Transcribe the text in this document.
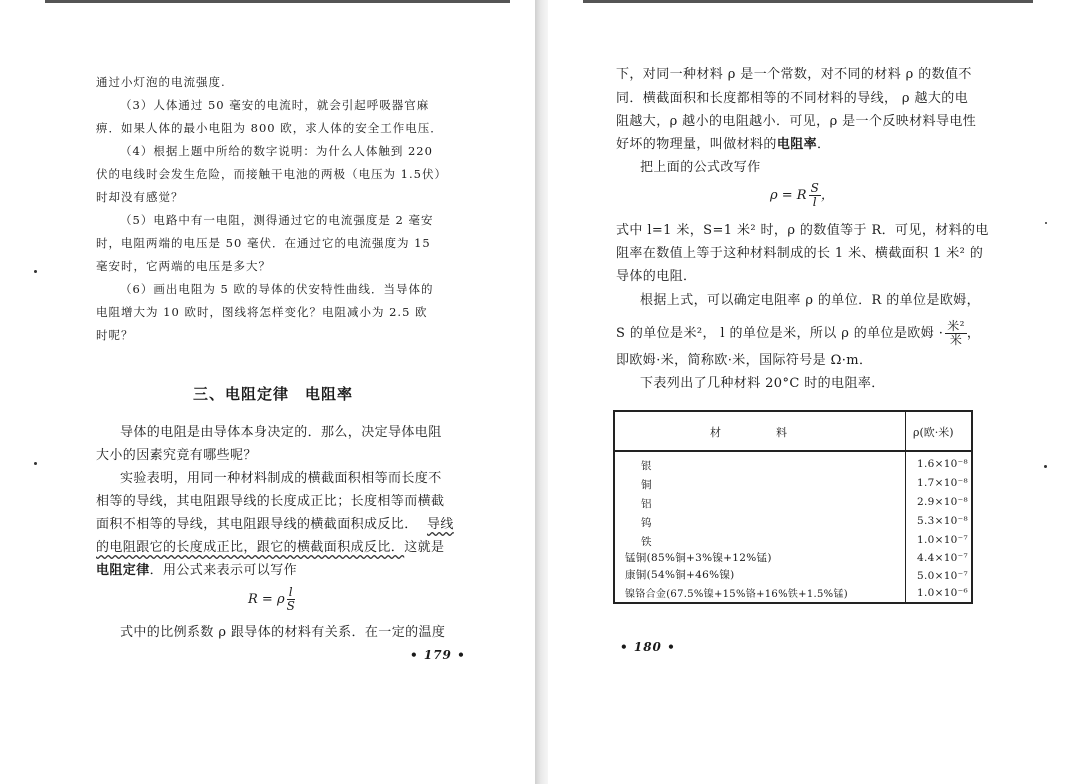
通过小灯泡的电流强度.
（3）人体通过 50 毫安的电流时，就会引起呼吸器官麻
痹．如果人体的最小电阻为 800 欧，求人体的安全工作电压．
（4）根据上题中所给的数字说明：为什么人体触到 220
伏的电线时会发生危险，而接触干电池的两极（电压为 1.5伏）
时却没有感觉？
（5）电路中有一电阻，测得通过它的电流强度是 2 毫安
时，电阻两端的电压是 50 毫伏．在通过它的电流强度为 15
毫安时，它两端的电压是多大？
（6）画出电阻为 5 欧的导体的伏安特性曲线．当导体的
电阻增大为 10 欧时，图线将怎样变化？电阻减小为 2.5 欧
时呢？
三、电阻定律　电阻率
导体的电阻是由导体本身决定的．那么，决定导体电阻
大小的因素究竟有哪些呢？
实验表明，用同一种材料制成的横截面积相等而长度不
相等的导线，其电阻跟导线的长度成正比；长度相等而横截
面积不相等的导线，其电阻跟导线的横截面积成反比． 导线
的电阻跟它的长度成正比，跟它的横截面积成反比．这就是
电阻定律．用公式来表示可以写作
R = ρ $\frac{l}{S}$
式中的比例系数 ρ 跟导体的材料有关系．在一定的温度
• 179 •
下，对同一种材料 ρ 是一个常数，对不同的材料 ρ 的数值不
同．横截面积和长度都相等的不同材料的导线， ρ 越大的电
阻越大，ρ 越小的电阻越小．可见，ρ 是一个反映材料导电性
好坏的物理量，叫做材料的电阻率．
把上面的公式改写作
ρ = R $\frac{S}{l}$ ，
式中 l=1 米，S=1 米² 时，ρ 的数值等于 R．可见，材料的电
阻率在数值上等于这种材料制成的长 1 米、横截面积 1 米² 的
导体的电阻．
根据上式，可以确定电阻率 ρ 的单位．R 的单位是欧姆，
S 的单位是米²， l 的单位是米，所以 ρ 的单位是欧姆 · $\frac{\text{米²}}{\text{米}}$ ，
即欧姆·米，简称欧·米，国际符号是 Ω·m．
下表列出了几种材料 20°C 时的电阻率．
材　　　　　料	ρ(欧·米)
银	1.6×10⁻⁸
铜	1.7×10⁻⁸
铝	2.9×10⁻⁸
钨	5.3×10⁻⁸
铁	1.0×10⁻⁷
锰铜(85%铜+3%镍+12%锰)	4.4×10⁻⁷
康铜(54%铜+46%镍)	5.0×10⁻⁷
镍铬合金(67.5%镍+15%铬+16%铁+1.5%锰)	1.0×10⁻⁶
• 180 •
